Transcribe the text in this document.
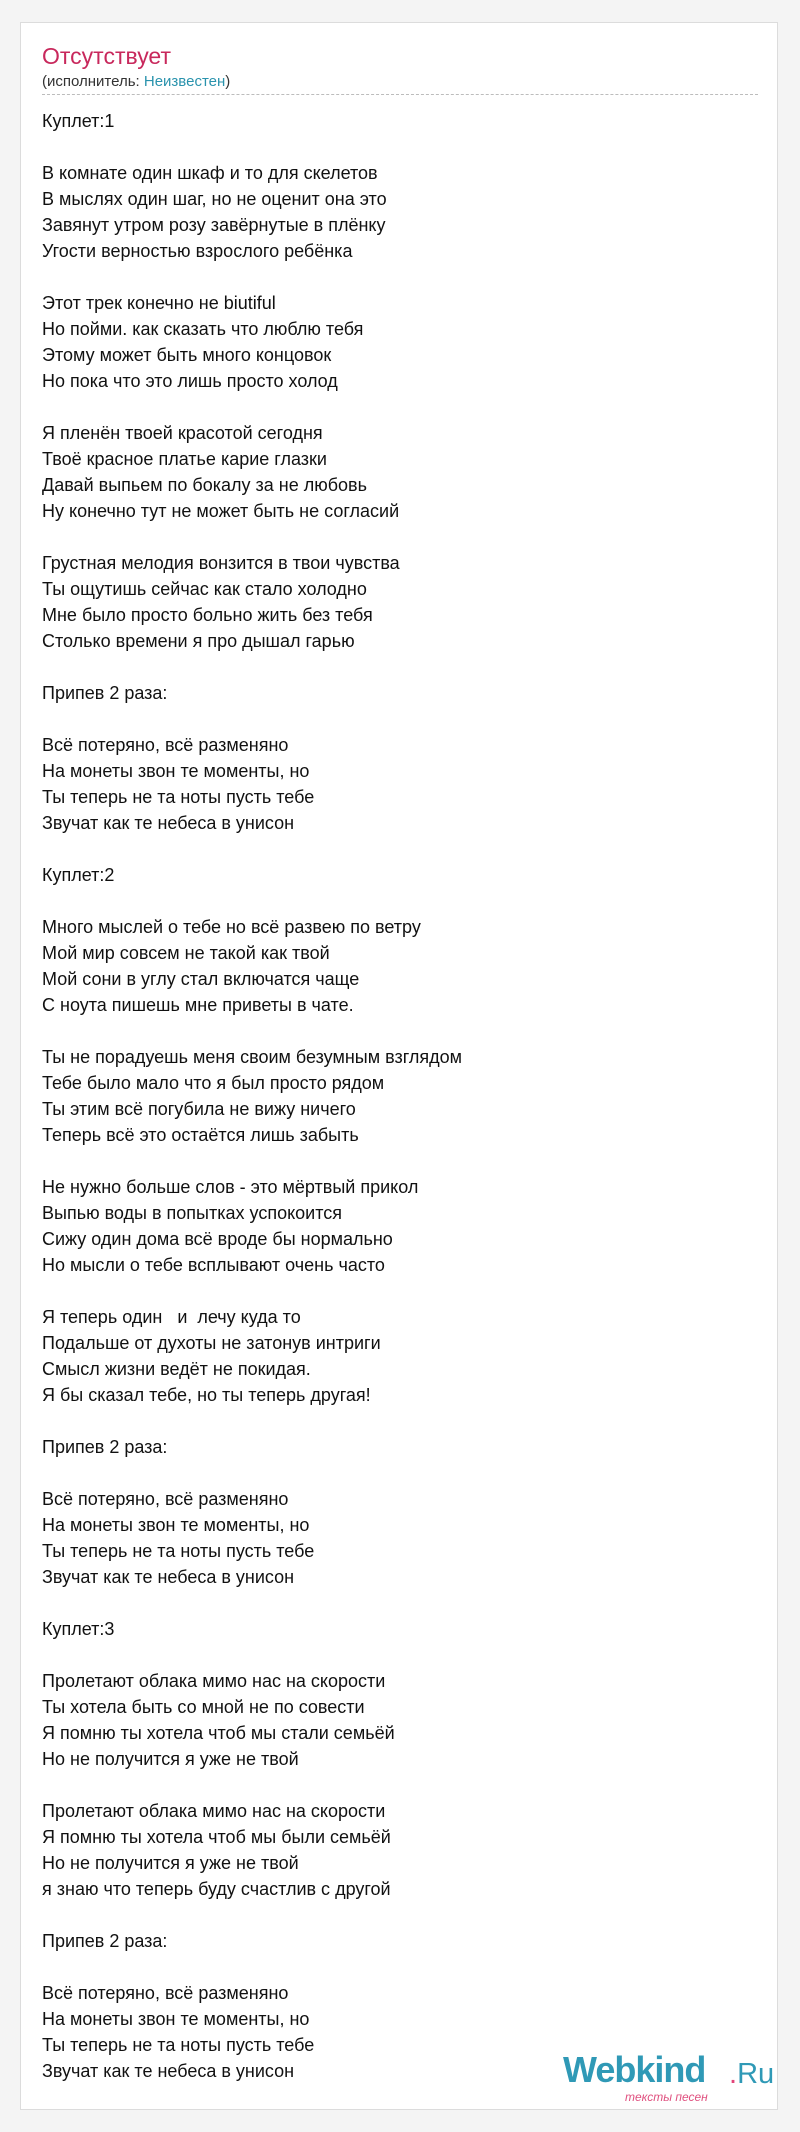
Отсутствует
(исполнитель: Неизвестен)
Куплет:1
В комнате один шкаф и то для скелетов
В мыслях один шаг, но не оценит она это
Завянут утром розу завёрнутые в плёнку
Угости верностью взрослого ребёнка
Этот трек конечно не biutiful
Но пойми. как сказать что люблю тебя
Этому может быть много концовок
Но пока что это лишь просто холод
Я пленён твоей красотой сегодня
Твоё красное платье карие глазки
Давай выпьем по бокалу за не любовь
Ну конечно тут не может быть не согласий
Грустная мелодия вонзится в твои чувства
Ты ощутишь сейчас как стало холодно
Мне было просто больно жить без тебя
Столько времени я про дышал гарью
Припев 2 раза:
Всё потеряно, всё разменяно
На монеты звон те моменты, но
Ты теперь не та ноты пусть тебе
Звучат как те небеса в унисон
Куплет:2
Много мыслей о тебе но всё развею по ветру
Мой мир совсем не такой как твой
Мой сони в углу стал включатся чаще
С ноута пишешь мне приветы в чате.
Ты не порадуешь меня своим безумным взглядом
Тебе было мало что я был просто рядом
Ты этим всё погубила не вижу ничего
Теперь всё это остаётся лишь забыть
Не нужно больше слов - это мёртвый прикол
Выпью воды в попытках успокоится
Сижу один дома всё вроде бы нормально
Но мысли о тебе всплывают очень часто
Я теперь один   и  лечу куда то
Подальше от духоты не затонув интриги
Смысл жизни ведёт не покидая.
Я бы сказал тебе, но ты теперь другая!
Припев 2 раза:
Всё потеряно, всё разменяно
На монеты звон те моменты, но
Ты теперь не та ноты пусть тебе
Звучат как те небеса в унисон
Куплет:3
Пролетают облака мимо нас на скорости
Ты хотела быть со мной не по совести
Я помню ты хотела чтоб мы стали семьёй
Но не получится я уже не твой
Пролетают облака мимо нас на скорости
Я помню ты хотела чтоб мы были семьёй
Но не получится я уже не твой
я знаю что теперь буду счастлив с другой
Припев 2 раза:
Всё потеряно, всё разменяно
На монеты звон те моменты, но
Ты теперь не та ноты пусть тебе
Звучат как те небеса в унисон	Webkind .Ru
тексты песен
